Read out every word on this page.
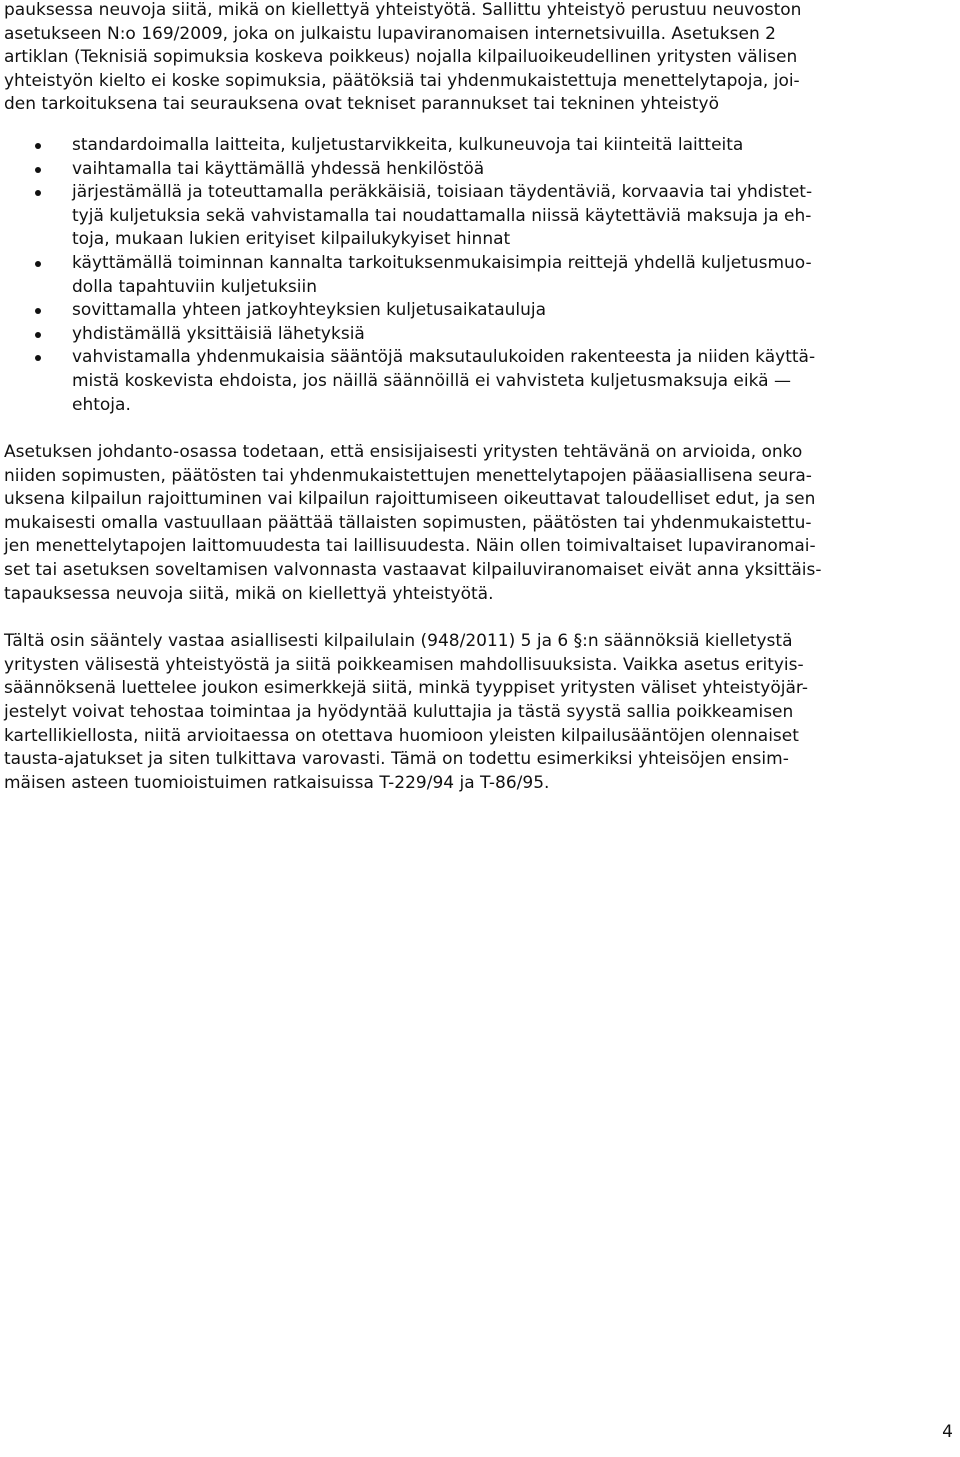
pauksessa neuvoja siitä, mikä on kiellettyä yhteistyötä. Sallittu yhteistyö perustuu neuvoston
asetukseen N:o 169/2009, joka on julkaistu lupaviranomaisen internetsivuilla. Asetuksen 2
artiklan (Teknisiä sopimuksia koskeva poikkeus) nojalla kilpailuoikeudellinen yritysten välisen
yhteistyön kielto ei koske sopimuksia, päätöksiä tai yhdenmukaistettuja menettelytapoja, joi-
den tarkoituksena tai seurauksena ovat tekniset parannukset tai tekninen yhteistyö
standardoimalla laitteita, kuljetustarvikkeita, kulkuneuvoja tai kiinteitä laitteita
vaihtamalla tai käyttämällä yhdessä henkilöstöä
järjestämällä ja toteuttamalla peräkkäisiä, toisiaan täydentäviä, korvaavia tai yhdistet-
tyjä kuljetuksia sekä vahvistamalla tai noudattamalla niissä käytettäviä maksuja ja eh-
toja, mukaan lukien erityiset kilpailukykyiset hinnat
käyttämällä toiminnan kannalta tarkoituksenmukaisimpia reittejä yhdellä kuljetusmuo-
dolla tapahtuviin kuljetuksiin
sovittamalla yhteen jatkoyhteyksien kuljetusaikatauluja
yhdistämällä yksittäisiä lähetyksiä
vahvistamalla yhdenmukaisia sääntöjä maksutaulukoiden rakenteesta ja niiden käyttä-
mistä koskevista ehdoista, jos näillä säännöillä ei vahvisteta kuljetusmaksuja eikä —
ehtoja.
Asetuksen johdanto-osassa todetaan, että ensisijaisesti yritysten tehtävänä on arvioida, onko
niiden sopimusten, päätösten tai yhdenmukaistettujen menettelytapojen pääasiallisena seura-
uksena kilpailun rajoittuminen vai kilpailun rajoittumiseen oikeuttavat taloudelliset edut, ja sen
mukaisesti omalla vastuullaan päättää tällaisten sopimusten, päätösten tai yhdenmukaistettu-
jen menettelytapojen laittomuudesta tai laillisuudesta. Näin ollen toimivaltaiset lupaviranomai-
set tai asetuksen soveltamisen valvonnasta vastaavat kilpailuviranomaiset eivät anna yksittäis-
tapauksessa neuvoja siitä, mikä on kiellettyä yhteistyötä.
Tältä osin sääntely vastaa asiallisesti kilpailulain (948/2011) 5 ja 6 §:n säännöksiä kielletystä
yritysten välisestä yhteistyöstä ja siitä poikkeamisen mahdollisuuksista. Vaikka asetus erityis-
säännöksenä luettelee joukon esimerkkejä siitä, minkä tyyppiset yritysten väliset yhteistyöjär-
jestelyt voivat tehostaa toimintaa ja hyödyntää kuluttajia ja tästä syystä sallia poikkeamisen
kartellikiellosta, niitä arvioitaessa on otettava huomioon yleisten kilpailusääntöjen olennaiset
tausta-ajatukset ja siten tulkittava varovasti. Tämä on todettu esimerkiksi yhteisöjen ensim-
mäisen asteen tuomioistuimen ratkaisuissa T-229/94 ja T-86/95.
4
